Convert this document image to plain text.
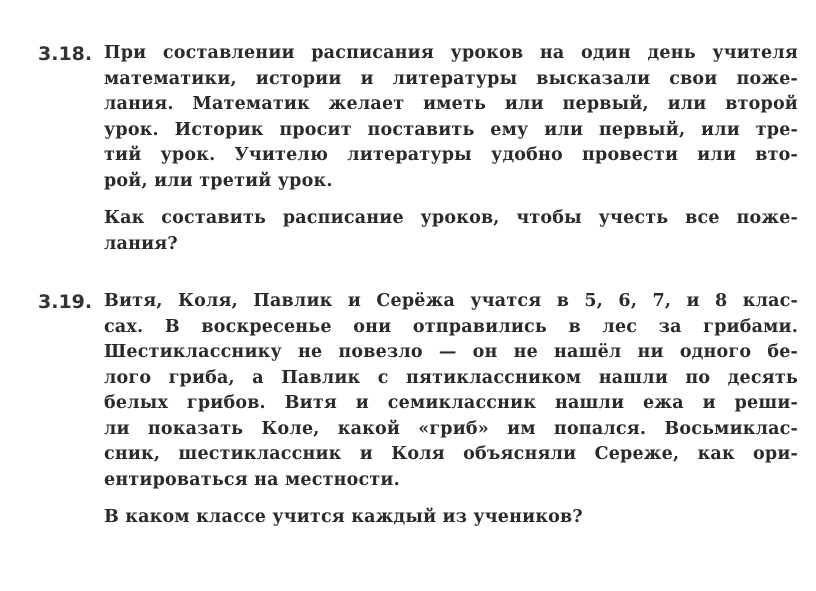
3.18. При составлении расписания уроков на один день учителя
математики, истории и литературы высказали свои поже-
лания. Математик желает иметь или первый, или второй
урок. Историк просит поставить ему или первый, или тре-
тий урок. Учителю литературы удобно провести или вто-
рой, или третий урок.
Как составить расписание уроков, чтобы учесть все поже-
лания?
3.19. Витя, Коля, Павлик и Серёжа учатся в 5, 6, 7, и 8 клас-
сах. В воскресенье они отправились в лес за грибами.
Шестикласснику не повезло — он не нашёл ни одного бе-
лого гриба, а Павлик с пятиклассником нашли по десять
белых грибов. Витя и семиклассник нашли ежа и реши-
ли показать Коле, какой «гриб» им попался. Восьмиклас-
сник, шестиклассник и Коля объясняли Сереже, как ори-
ентироваться на местности.
В каком классе учится каждый из учеников?
